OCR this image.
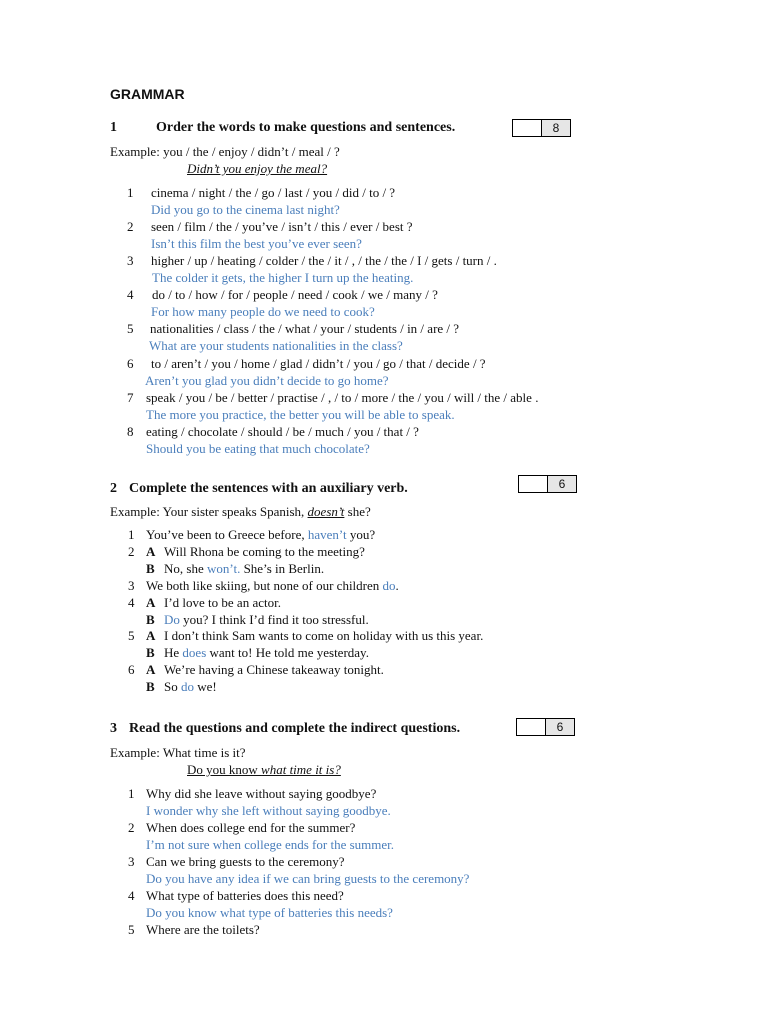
GRAMMAR
1	Order the words to make questions and sentences.	8
Example: you / the / enjoy / didn’t / meal / ?
Didn’t you enjoy the meal?
1 cinema / night / the / go / last / you / did / to / ?
Did you go to the cinema last night?
2 seen / film / the / you’ve / isn’t / this / ever / best ?
Isn’t this film the best you’ve ever seen?
3 higher / up / heating / colder / the / it / , / the / the / I / gets / turn / .
The colder it gets, the higher I turn up the heating.
4 do / to / how / for / people / need / cook / we / many / ?
For how many people do we need to cook?
5 nationalities / class / the / what / your / students / in / are / ?
What are your students nationalities in the class?
6 to / aren’t / you / home / glad / didn’t / you / go / that / decide / ?
Aren’t you glad you didn’t decide to go home?
7 speak / you / be / better / practise / , / to / more / the / you / will / the / able .
The more you practice, the better you will be able to speak.
8 eating / chocolate / should / be / much / you / that / ?
Should you be eating that much chocolate?
2 Complete the sentences with an auxiliary verb.	6
Example: Your sister speaks Spanish, doesn’t she?
1 You’ve been to Greece before, haven’t you?
2 A Will Rhona be coming to the meeting?
B No, she won’t. She’s in Berlin.
3 We both like skiing, but none of our children do.
4 A I’d love to be an actor.
B Do you? I think I’d find it too stressful.
5 A I don’t think Sam wants to come on holiday with us this year.
B He does want to! He told me yesterday.
6 A We’re having a Chinese takeaway tonight.
B So do we!
3 Read the questions and complete the indirect questions.	6
Example: What time is it?
Do you know what time it is?
1 Why did she leave without saying goodbye?
I wonder why she left without saying goodbye.
2 When does college end for the summer?
I’m not sure when college ends for the summer.
3 Can we bring guests to the ceremony?
Do you have any idea if we can bring guests to the ceremony?
4 What type of batteries does this need?
Do you know what type of batteries this needs?
5 Where are the toilets?
